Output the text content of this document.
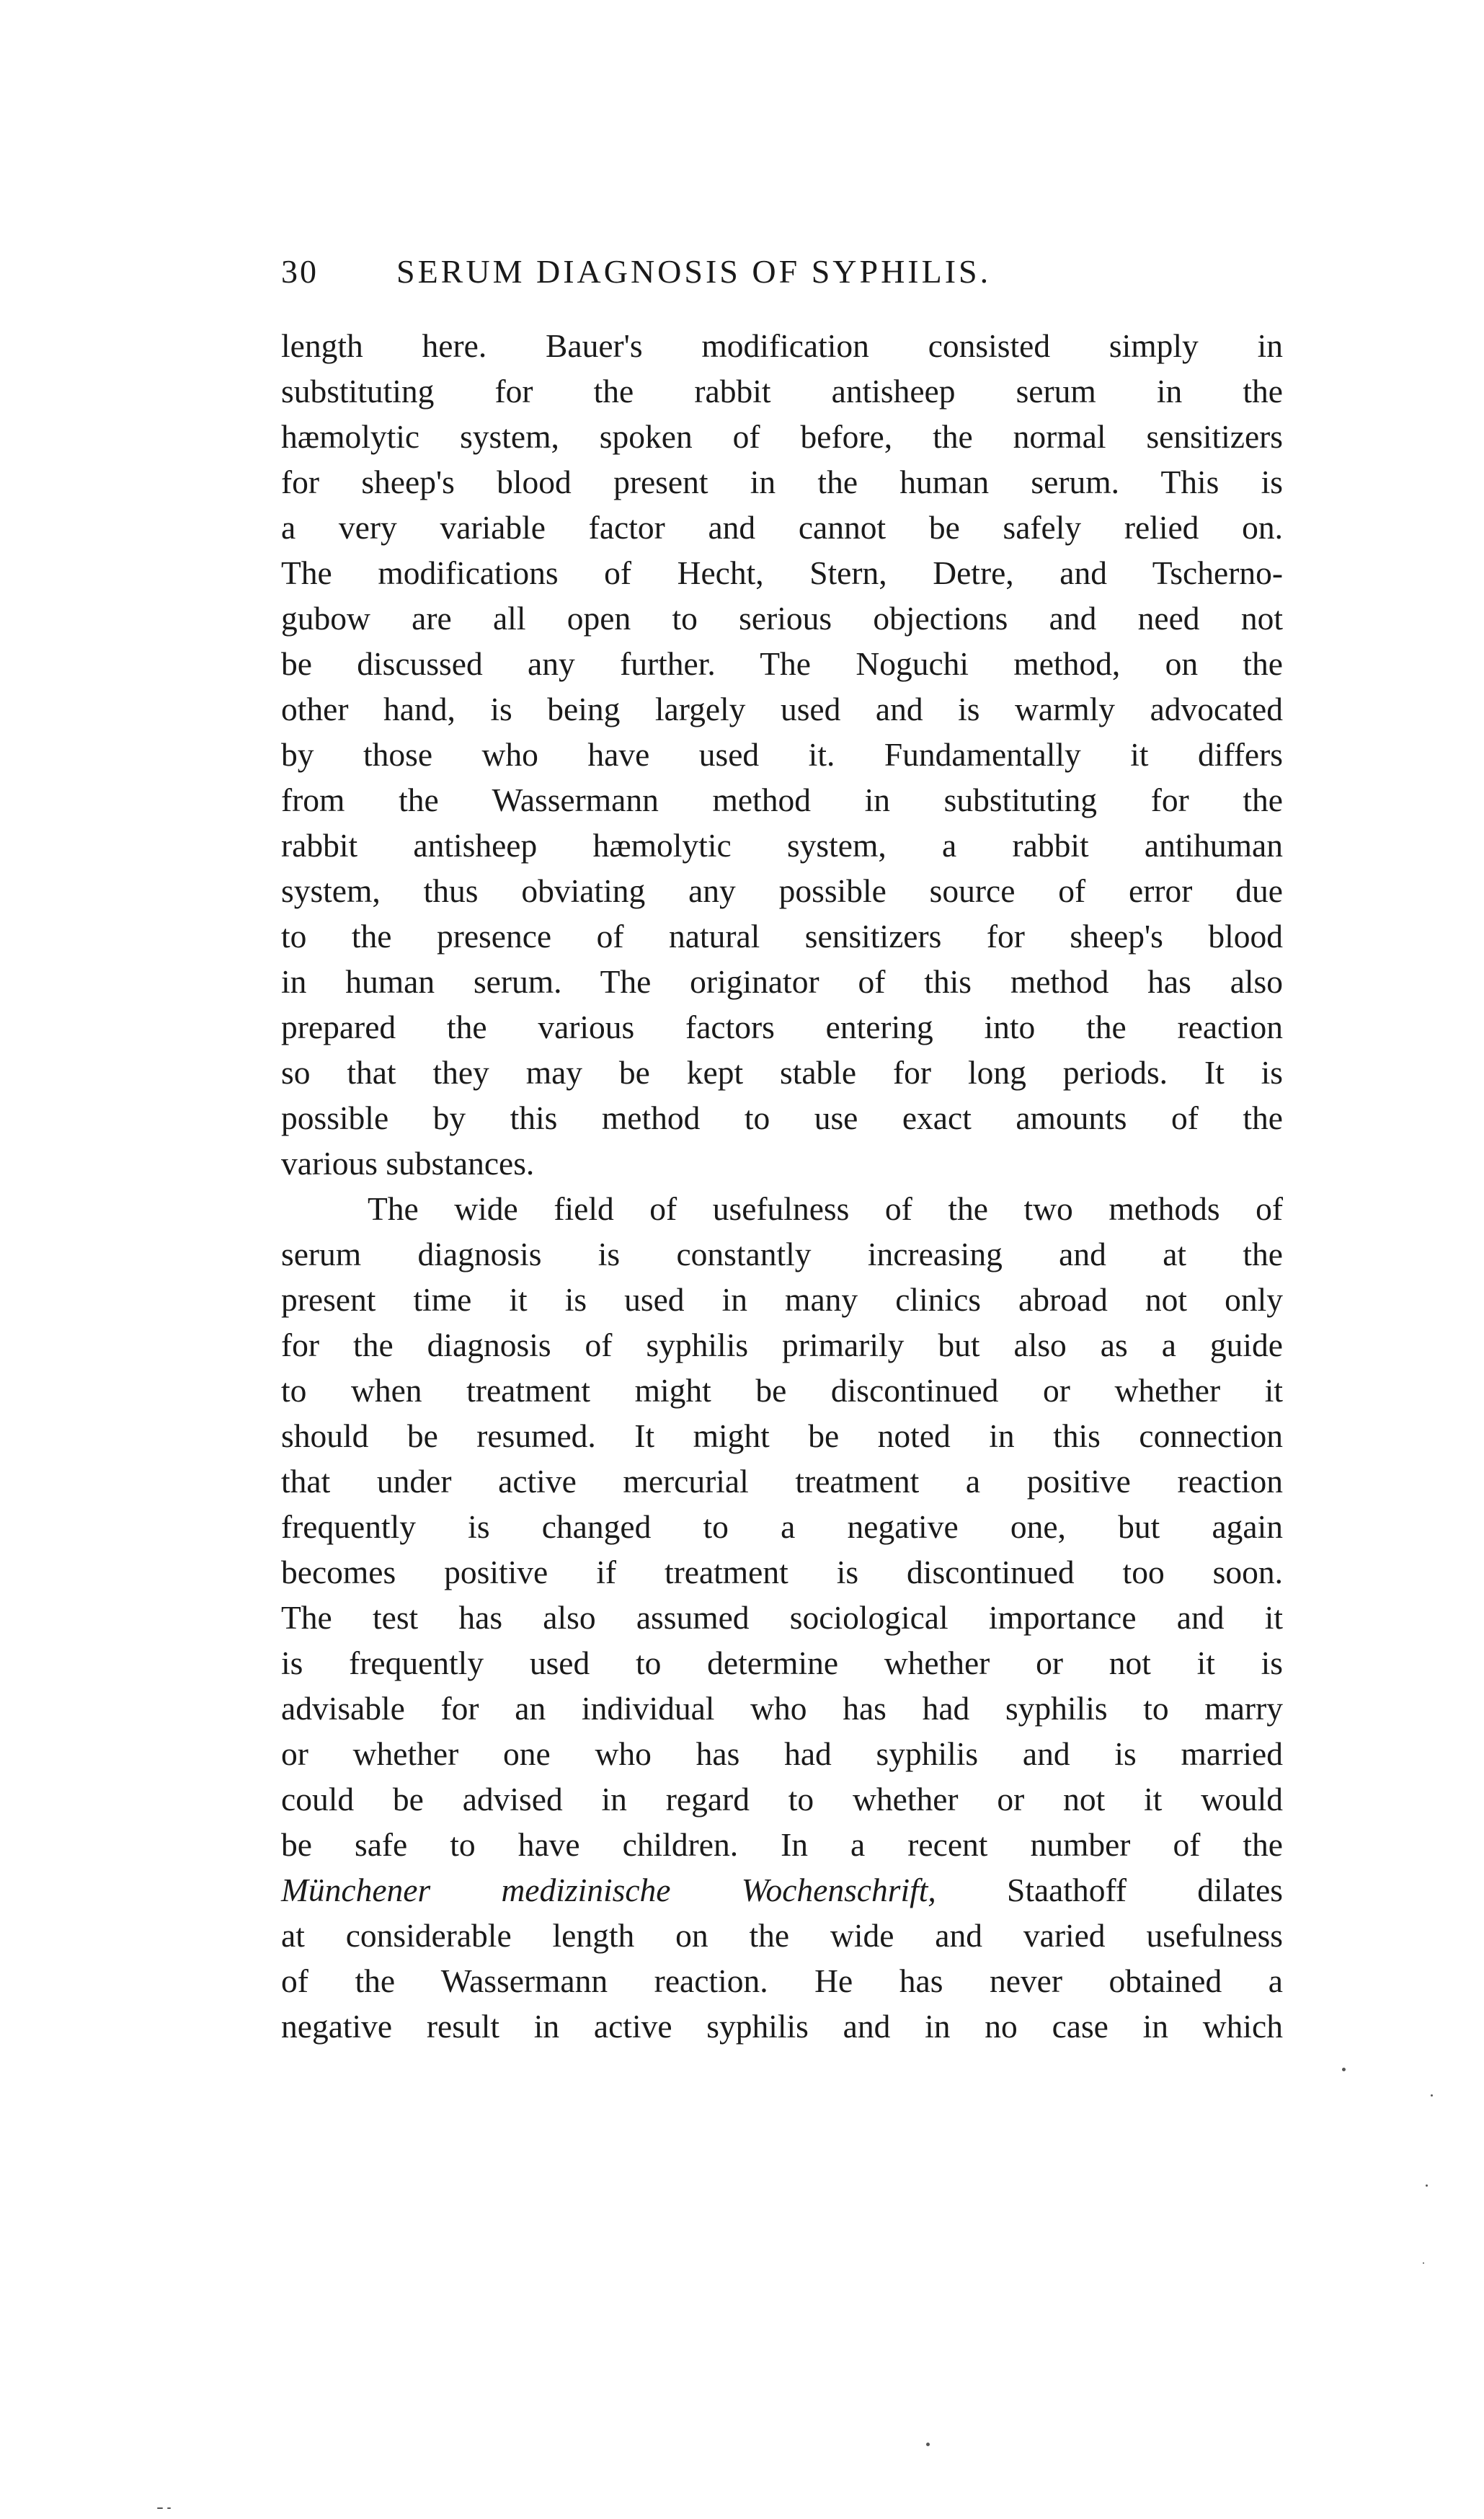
30 SERUM DIAGNOSIS OF SYPHILIS.
length here. Bauer's modification consisted simply in
substituting for the rabbit antisheep serum in the
hæmolytic system, spoken of before, the normal sensitizers
for sheep's blood present in the human serum. This is
a very variable factor and cannot be safely relied on.
The modifications of Hecht, Stern, Detre, and Tscherno-
gubow are all open to serious objections and need not
be discussed any further. The Noguchi method, on the
other hand, is being largely used and is warmly advocated
by those who have used it. Fundamentally it differs
from the Wassermann method in substituting for the
rabbit antisheep hæmolytic system, a rabbit antihuman
system, thus obviating any possible source of error due
to the presence of natural sensitizers for sheep's blood
in human serum. The originator of this method has also
prepared the various factors entering into the reaction
so that they may be kept stable for long periods. It is
possible by this method to use exact amounts of the
various substances.
The wide field of usefulness of the two methods of
serum diagnosis is constantly increasing and at the
present time it is used in many clinics abroad not only
for the diagnosis of syphilis primarily but also as a guide
to when treatment might be discontinued or whether it
should be resumed. It might be noted in this connection
that under active mercurial treatment a positive reaction
frequently is changed to a negative one, but again
becomes positive if treatment is discontinued too soon.
The test has also assumed sociological importance and it
is frequently used to determine whether or not it is
advisable for an individual who has had syphilis to marry
or whether one who has had syphilis and is married
could be advised in regard to whether or not it would
be safe to have children. In a recent number of the
Münchener medizinische Wochenschrift, Staathoff dilates
at considerable length on the wide and varied usefulness
of the Wassermann reaction. He has never obtained a
negative result in active syphilis and in no case in which
